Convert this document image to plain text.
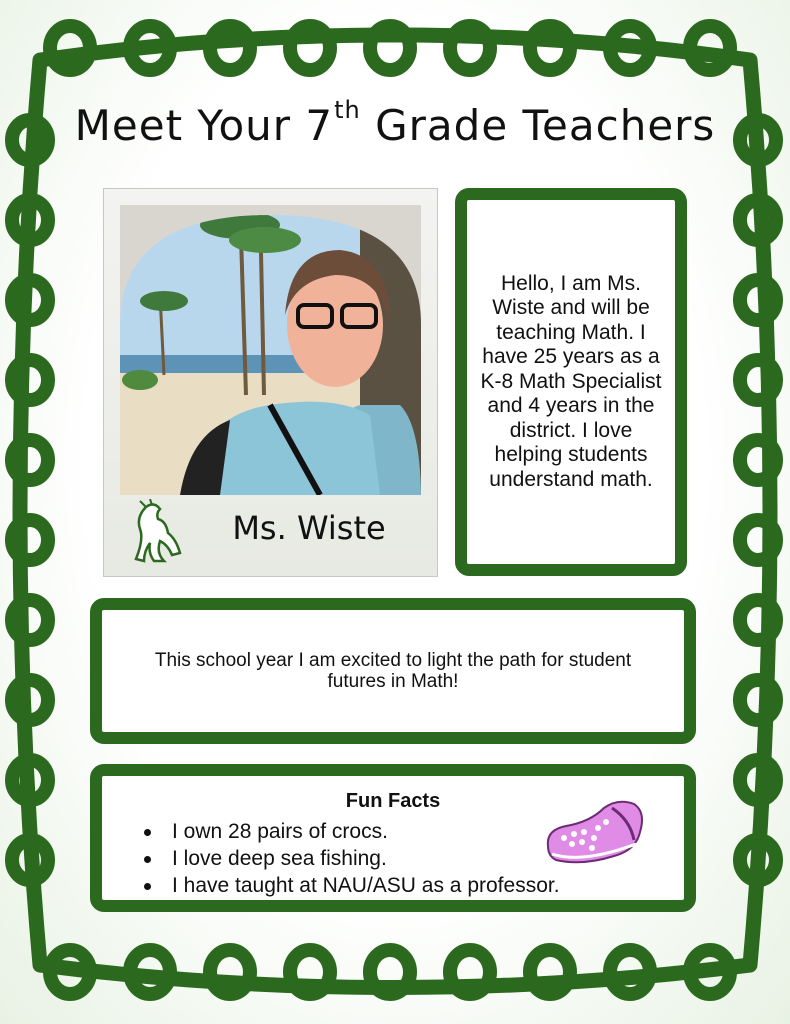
Meet Your 7th Grade Teachers
Ms. Wiste

Hello, I am Ms. Wiste and will be teaching Math. I have 25 years as a K-8 Math Specialist and 4 years in the district. I love helping students understand math.

This school year I am excited to light the path for student futures in Math!

Fun Facts
I own 28 pairs of crocs.
I love deep sea fishing.
I have taught at NAU/ASU as a professor.
